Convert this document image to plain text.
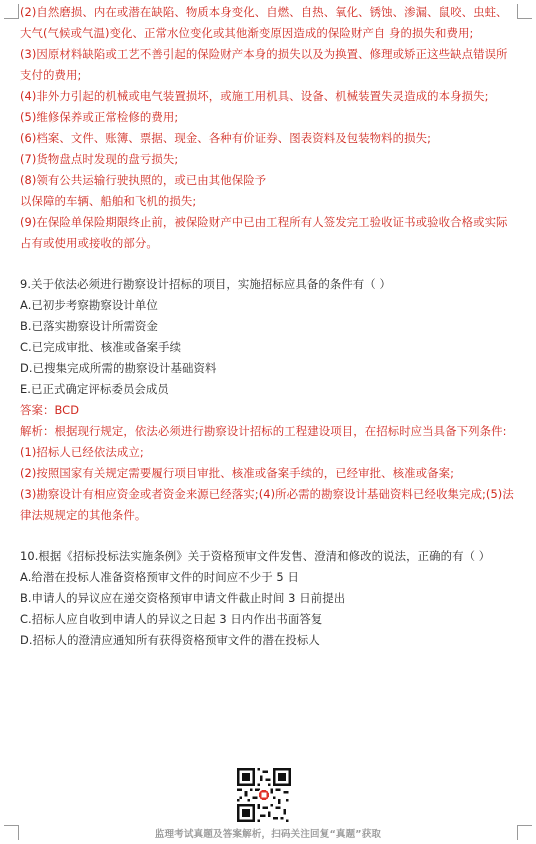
(2)自然磨损、内在或潜在缺陷、物质本身变化、自燃、自热、氧化、锈蚀、渗漏、鼠咬、虫蛀、大气(气候或气温)变化、正常水位变化或其他渐变原因造成的保险财产自 身的损失和费用;

(3)因原材料缺陷或工艺不善引起的保险财产本身的损失以及为换置、修理或矫正这些缺点错误所支付的费用;

(4)非外力引起的机械或电气装置损坏，或施工用机具、设备、机械装置失灵造成的本身损失;

(5)维修保养或正常检修的费用;

(6)档案、文件、账簿、票据、现金、各种有价证券、图表资料及包装物料的损失;

(7)货物盘点时发现的盘亏损失;

(8)领有公共运输行驶执照的，或已由其他保险予

以保障的车辆、船舶和飞机的损失;

(9)在保险单保险期限终止前，被保险财产中已由工程所有人签发完工验收证书或验收合格或实际占有或使用或接收的部分。

9.关于依法必须进行勘察设计招标的项目，实施招标应具备的条件有（ ）

A.已初步考察勘察设计单位

B.已落实勘察设计所需资金

C.已完成审批、核准或备案手续

D.已搜集完成所需的勘察设计基础资料

E.已正式确定评标委员会成员

答案：BCD

解析：根据现行规定，依法必须进行勘察设计招标的工程建设项目，在招标时应当具备下列条件:

(1)招标人已经依法成立;

(2)按照国家有关规定需要履行项目审批、核准或备案手续的，已经审批、核准或备案;

(3)勘察设计有相应资金或者资金来源已经落实;(4)所必需的勘察设计基础资料已经收集完成;(5)法律法规规定的其他条件。

10.根据《招标投标法实施条例》关于资格预审文件发售、澄清和修改的说法，正确的有（ ）

A.给潜在投标人准备资格预审文件的时间应不少于 5 日

B.申请人的异议应在递交资格预审申请文件截止时间 3 日前提出

C.招标人应自收到申请人的异议之日起 3 日内作出书面答复

D.招标人的澄清应通知所有获得资格预审文件的潜在投标人

监理考试真题及答案解析，扫码关注回复“真题”获取
